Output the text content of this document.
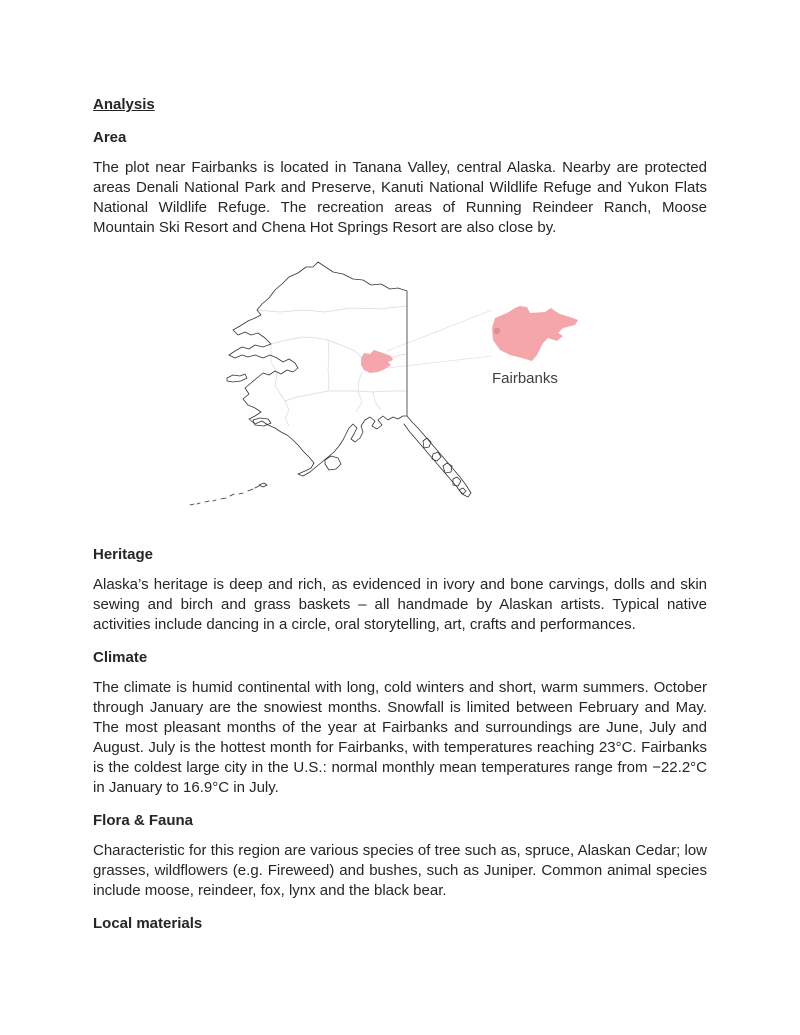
Analysis
Area

The plot near Fairbanks is located in Tanana Valley, central Alaska. Nearby are protected areas Denali National Park and Preserve, Kanuti National Wildlife Refuge and Yukon Flats National Wildlife Refuge. The recreation areas of Running Reindeer Ranch, Moose Mountain Ski Resort and Chena Hot Springs Resort are also close by.

Fairbanks
Heritage

Alaska’s heritage is deep and rich, as evidenced in ivory and bone carvings, dolls and skin sewing and birch and grass baskets – all handmade by Alaskan artists. Typical native activities include dancing in a circle, oral storytelling, art, crafts and performances.

Climate

The climate is humid continental with long, cold winters and short, warm summers. October through January are the snowiest months. Snowfall is limited between February and May. The most pleasant months of the year at Fairbanks and surroundings are June, July and August. July is the hottest month for Fairbanks, with temperatures reaching 23°C. Fairbanks is the coldest large city in the U.S.: normal monthly mean temperatures range from −22.2°C in January to 16.9°C in July.

Flora & Fauna

Characteristic for this region are various species of tree such as, spruce, Alaskan Cedar; low grasses, wildflowers (e.g. Fireweed) and bushes, such as Juniper. Common animal species include moose, reindeer, fox, lynx and the black bear.

Local materials
